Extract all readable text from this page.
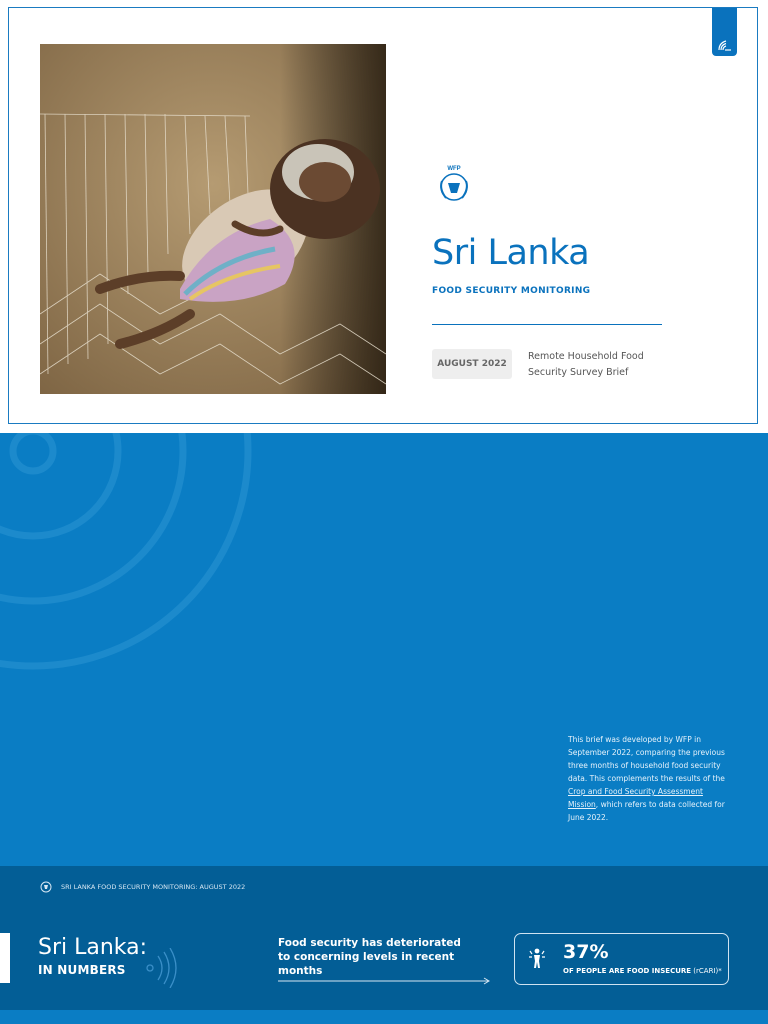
WFP
Sri Lanka
FOOD SECURITY MONITORING
AUGUST 2022
Remote Household Food
Security Survey Brief
This brief was developed by WFP in September 2022, comparing the previous three months of household food security data. This complements the results of the Crop and Food Security Assessment Mission, which refers to data collected for June 2022.
SRI LANKA FOOD SECURITY MONITORING: AUGUST 2022
Sri Lanka:
IN NUMBERS
Food security has deteriorated
to concerning levels in recent months
37%
OF PEOPLE ARE FOOD INSECURE (rCARI)*
